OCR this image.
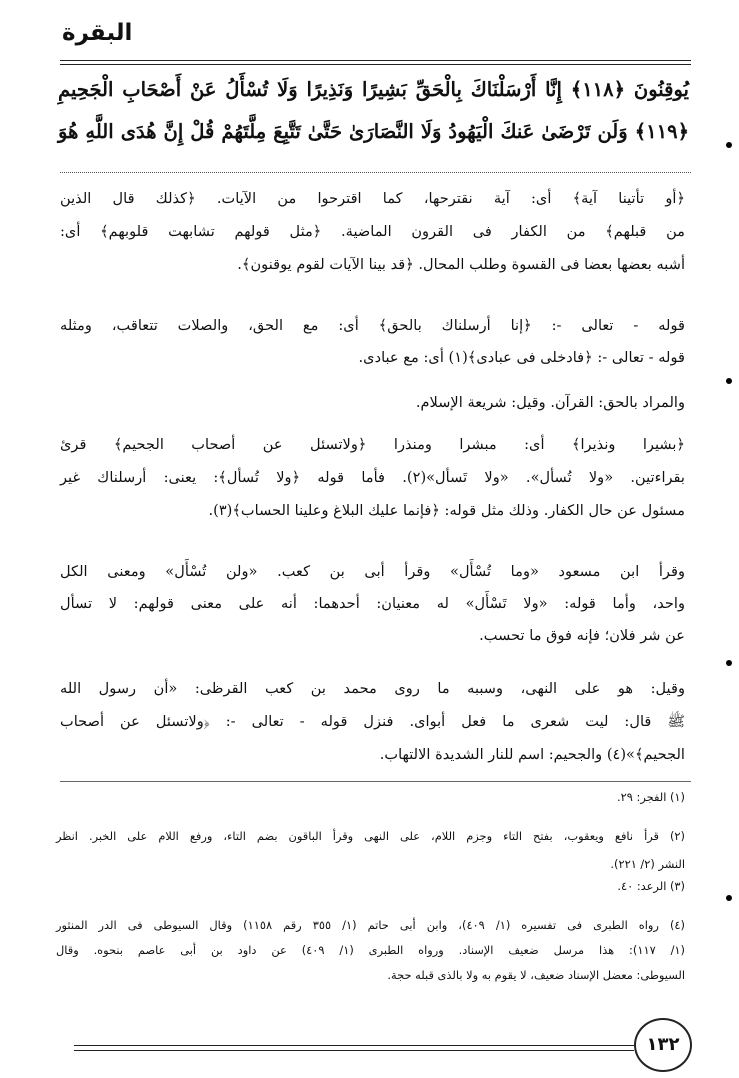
البقرة
يُوقِنُونَ ﴿١١٨﴾ إِنَّا أَرْسَلْنَاكَ بِالْحَقِّ بَشِيرًا وَنَذِيرًا وَلَا تُسْأَلُ عَنْ أَصْحَابِ الْجَحِيمِ
﴿١١٩﴾ وَلَن تَرْضَىٰ عَنكَ الْيَهُودُ وَلَا النَّصَارَىٰ حَتَّىٰ تَتَّبِعَ مِلَّتَهُمْ قُلْ إِنَّ هُدَى اللَّهِ هُوَ
﴿أو تأتينا آية﴾ أى: آية نقترحها، كما اقترحوا من الآيات. ﴿كذلك قال الذين
من قبلهم﴾ من الكفار فى القرون الماضية. ﴿مثل قولهم تشابهت قلوبهم﴾ أى:
أشبه بعضها بعضا فى القسوة وطلب المحال. ﴿قد بينا الآيات لقوم يوقنون﴾.
قوله - تعالى -: ﴿إنا أرسلناك بالحق﴾ أى: مع الحق، والصلات تتعاقب، ومثله
قوله - تعالى -: ﴿فادخلى فى عبادى﴾(١) أى: مع عبادى.
والمراد بالحق: القرآن. وقيل: شريعة الإسلام.
﴿بشيرا ونذيرا﴾ أى: مبشرا ومنذرا ﴿ولاتسئل عن أصحاب الجحيم﴾ قرئ
بقراءتين. «ولا تُسأل». «ولا تَسأل»(٢). فأما قوله ﴿ولا تُسأل﴾: يعنى: أرسلناك غير
مسئول عن حال الكفار. وذلك مثل قوله: ﴿فإنما عليك البلاغ وعلينا الحساب﴾(٣).
وقرأ ابن مسعود «وما تُسْأَل» وقرأ أبى بن كعب. «ولن تُسْأَل» ومعنى الكل
واحد، وأما قوله: «ولا تَسْأَل» له معنيان: أحدهما: أنه على معنى قولهم: لا تسأل
عن شر فلان؛ فإنه فوق ما تحسب.
وقيل: هو على النهى، وسببه ما روى محمد بن كعب القرظى: «أن رسول الله
ﷺ قال: ليت شعرى ما فعل أبواى. فنزل قوله - تعالى -: ﴿ولاتسئل عن أصحاب
الجحيم﴾»(٤) والجحيم: اسم للنار الشديدة الالتهاب.
(١) الفجر: ٢٩.
(٢) قرأ نافع ويعقوب، بفتح التاء وجزم اللام، على النهى وقرأ الباقون بضم التاء، ورفع اللام على الخبر. انظر
النشر (٢/ ٢٢١).
(٣) الرعد: ٤٠.
(٤) رواه الطبرى فى تفسيره (١/ ٤٠٩)، وابن أبى حاتم (١/ ٣٥٥ رقم ١١٥٨) وقال السيوطى فى الدر المنثور
(١/ ١١٧): هذا مرسل ضعيف الإسناد. ورواه الطبرى (١/ ٤٠٩) عن داود بن أبى عاصم بنحوه. وقال
السيوطى: معضل الإسناد ضعيف، لا يقوم به ولا بالذى قبله حجة.
١٣٢
